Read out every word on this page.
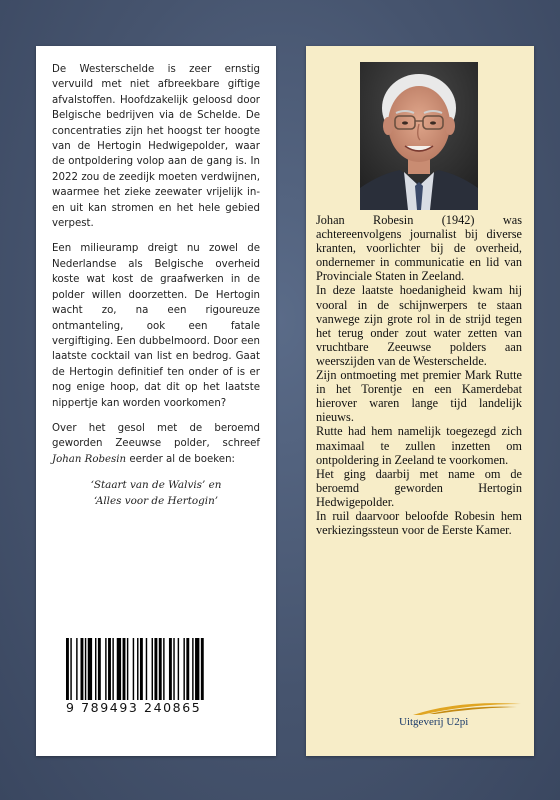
De Westerschelde is zeer ernstig vervuild met niet afbreekbare giftige afvalstoffen. Hoofdzakelijk geloosd door Belgische bedrijven via de Schelde. De concentraties zijn het hoogst ter hoogte van de Hertogin Hedwigepolder, waar de ontpoldering volop aan de gang is. In 2022 zou de zeedijk moeten verdwijnen, waarmee het zieke zeewater vrijelijk in- en uit kan stromen en het hele gebied verpest.

Een milieuramp dreigt nu zowel de Nederlandse als Belgische overheid koste wat kost de graafwerken in de polder willen doorzetten. De Hertogin wacht zo, na een rigoureuze ontmanteling, ook een fatale vergiftiging. Een dubbelmoord. Door een laatste cocktail van list en bedrog. Gaat de Hertogin definitief ten onder of is er nog enige hoop, dat dit op het laatste nippertje kan worden voorkomen?

Over het gesol met de beroemd geworden Zeeuwse polder, schreef Johan Robesin eerder al de boeken:

‘Staart van de Walvis’ en
‘Alles voor de Hertogin’
9 789493 240865

Johan Robesin (1942) was achtereenvolgens journalist bij diverse kranten, voorlichter bij de overheid, ondernemer in communicatie en lid van Provinciale Staten in Zeeland.

In deze laatste hoedanigheid kwam hij vooral in de schijnwerpers te staan vanwege zijn grote rol in de strijd tegen het terug onder zout water zetten van vruchtbare Zeeuwse polders aan weerszijden van de Westerschelde.

Zijn ontmoeting met premier Mark Rutte in het Torentje en een Kamerdebat hierover waren lange tijd landelijk nieuws.

Rutte had hem namelijk toegezegd zich maximaal te zullen inzetten om ontpoldering in Zeeland te voorkomen.

Het ging daarbij met name om de beroemd geworden Hertogin Hedwigepolder.

In ruil daarvoor beloofde Robesin hem verkiezingssteun voor de Eerste Kamer.

Uitgeverij U2pi
